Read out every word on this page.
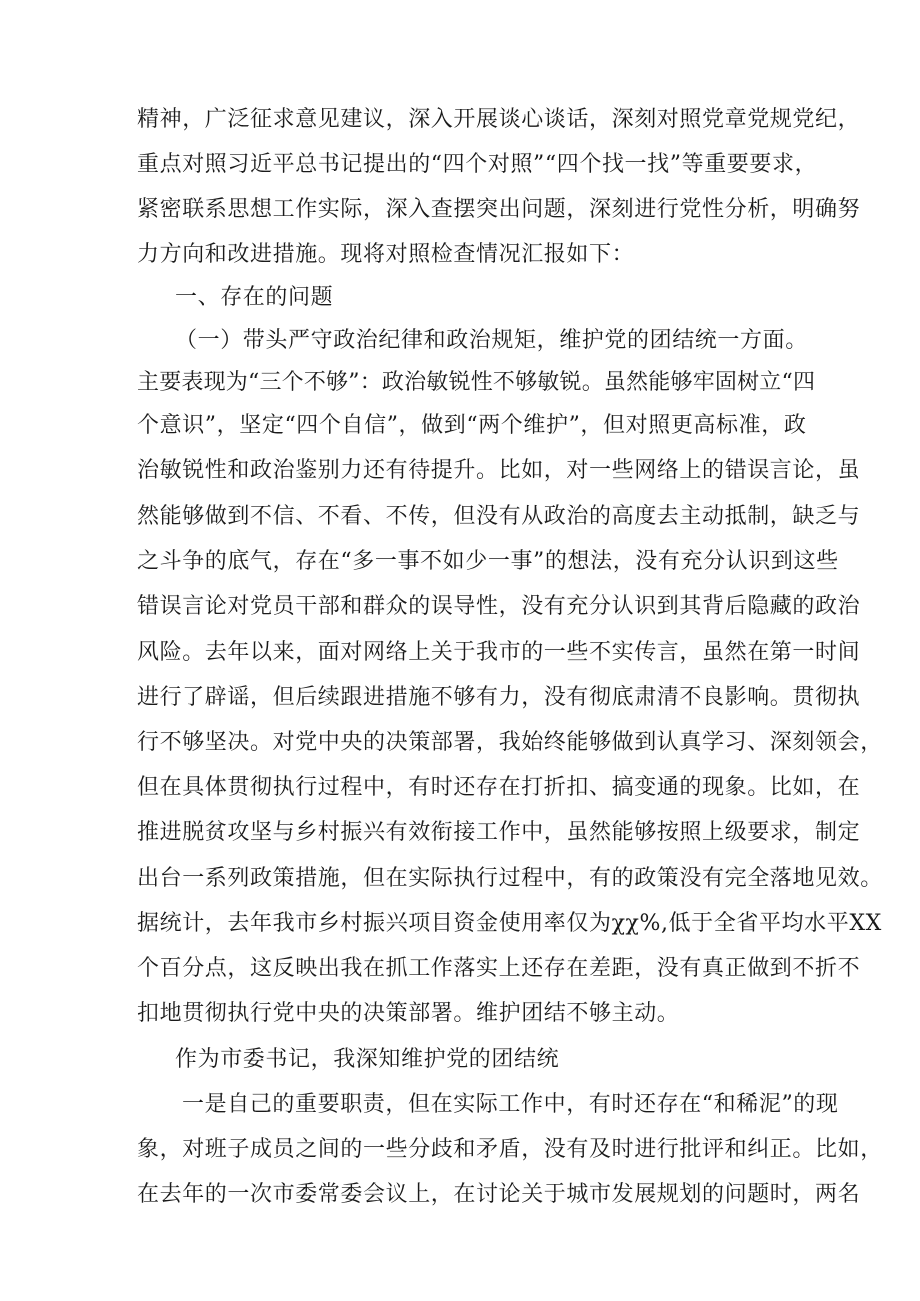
精神，广泛征求意见建议，深入开展谈心谈话，深刻对照党章党规党纪，
重点对照习近平总书记提出的“四个对照”“四个找一找”等重要要求，
紧密联系思想工作实际，深入查摆突出问题，深刻进行党性分析，明确努
力方向和改进措施。现将对照检查情况汇报如下：
一、存在的问题
（一）带头严守政治纪律和政治规矩，维护党的团结统一方面。
主要表现为“三个不够”：政治敏锐性不够敏锐。虽然能够牢固树立“四
个意识”，坚定“四个自信”，做到“两个维护”，但对照更高标准，政
治敏锐性和政治鉴别力还有待提升。比如，对一些网络上的错误言论，虽
然能够做到不信、不看、不传，但没有从政治的高度去主动抵制，缺乏与
之斗争的底气，存在“多一事不如少一事”的想法，没有充分认识到这些
错误言论对党员干部和群众的误导性，没有充分认识到其背后隐藏的政治
风险。去年以来，面对网络上关于我市的一些不实传言，虽然在第一时间
进行了辟谣，但后续跟进措施不够有力，没有彻底肃清不良影响。贯彻执
行不够坚决。对党中央的决策部署，我始终能够做到认真学习、深刻领会，
但在具体贯彻执行过程中，有时还存在打折扣、搞变通的现象。比如，在
推进脱贫攻坚与乡村振兴有效衔接工作中，虽然能够按照上级要求，制定
出台一系列政策措施，但在实际执行过程中，有的政策没有完全落地见效。
据统计，去年我市乡村振兴项目资金使用率仅为χχ%,低于全省平均水平XX
个百分点，这反映出我在抓工作落实上还存在差距，没有真正做到不折不
扣地贯彻执行党中央的决策部署。维护团结不够主动。
作为市委书记，我深知维护党的团结统
一是自己的重要职责，但在实际工作中，有时还存在“和稀泥”的现
象，对班子成员之间的一些分歧和矛盾，没有及时进行批评和纠正。比如，
在去年的一次市委常委会议上，在讨论关于城市发展规划的问题时，两名
